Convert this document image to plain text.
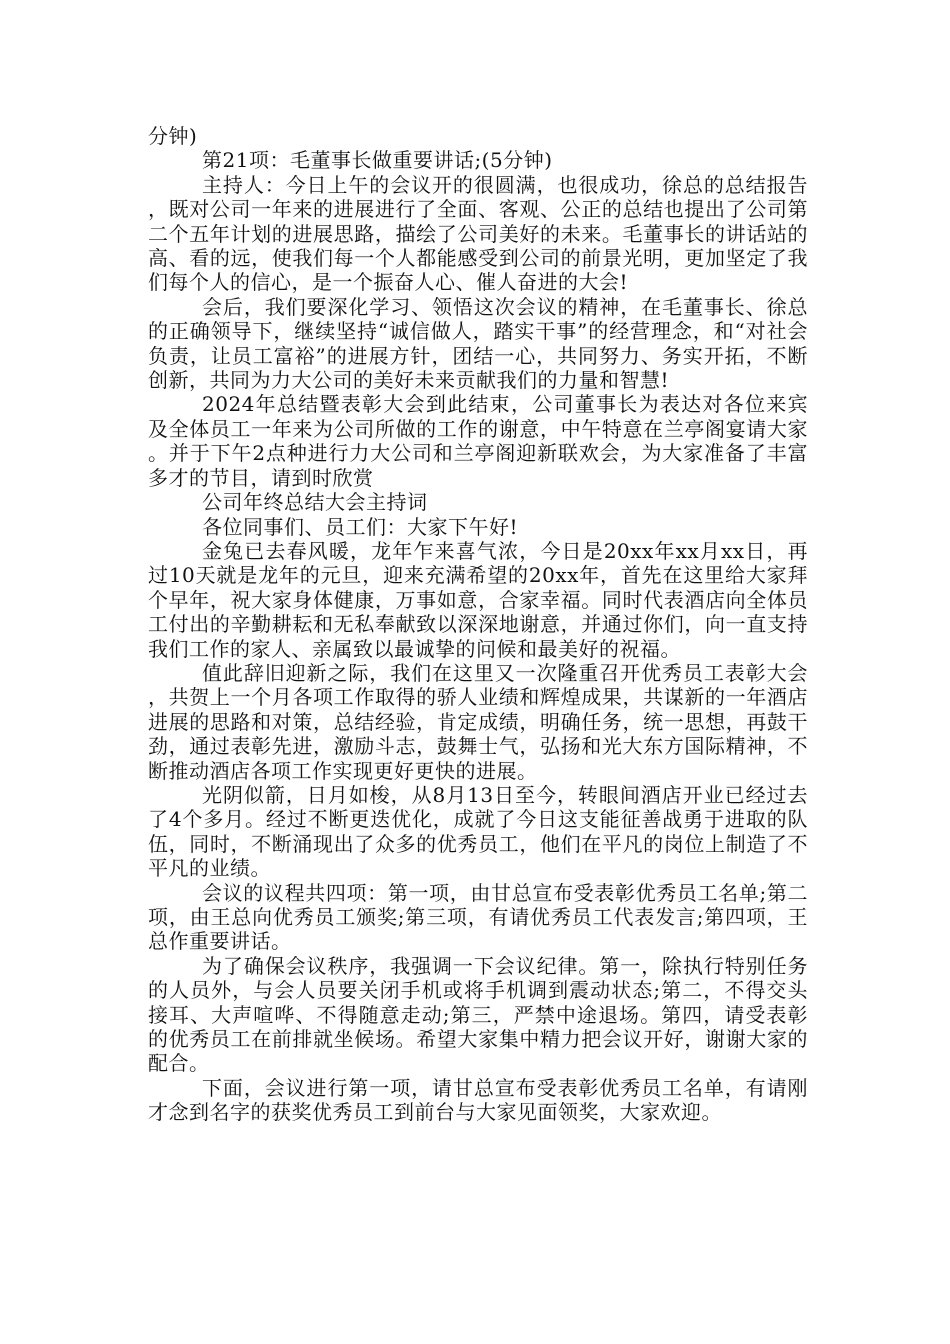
分钟)

第21项：毛董事长做重要讲话;(5分钟)

主持人：今日上午的会议开的很圆满，也很成功，徐总的总结报告，既对公司一年来的进展进行了全面、客观、公正的总结也提出了公司第二个五年计划的进展思路，描绘了公司美好的未来。毛董事长的讲话站的高、看的远，使我们每一个人都能感受到公司的前景光明，更加坚定了我们每个人的信心，是一个振奋人心、催人奋进的大会!

会后，我们要深化学习、领悟这次会议的精神，在毛董事长、徐总的正确领导下，继续坚持“诚信做人，踏实干事”的经营理念，和“对社会负责，让员工富裕”的进展方针，团结一心，共同努力、务实开拓，不断创新，共同为力大公司的美好未来贡献我们的力量和智慧!

2024年总结暨表彰大会到此结束，公司董事长为表达对各位来宾及全体员工一年来为公司所做的工作的谢意，中午特意在兰亭阁宴请大家。并于下午2点种进行力大公司和兰亭阁迎新联欢会，为大家准备了丰富多才的节目，请到时欣赏

公司年终总结大会主持词

各位同事们、员工们：大家下午好!

金兔已去春风暖，龙年乍来喜气浓，今日是20xx年xx月xx日，再过10天就是龙年的元旦，迎来充满希望的20xx年，首先在这里给大家拜个早年，祝大家身体健康，万事如意，合家幸福。同时代表酒店向全体员工付出的辛勤耕耘和无私奉献致以深深地谢意，并通过你们，向一直支持我们工作的家人、亲属致以最诚挚的问候和最美好的祝福。

值此辞旧迎新之际，我们在这里又一次隆重召开优秀员工表彰大会，共贺上一个月各项工作取得的骄人业绩和辉煌成果，共谋新的一年酒店进展的思路和对策，总结经验，肯定成绩，明确任务，统一思想，再鼓干劲，通过表彰先进，激励斗志，鼓舞士气，弘扬和光大东方国际精神，不断推动酒店各项工作实现更好更快的进展。

光阴似箭，日月如梭，从8月13日至今，转眼间酒店开业已经过去了4个多月。经过不断更迭优化，成就了今日这支能征善战勇于进取的队伍，同时，不断涌现出了众多的优秀员工，他们在平凡的岗位上制造了不平凡的业绩。

会议的议程共四项：第一项，由甘总宣布受表彰优秀员工名单;第二项，由王总向优秀员工颁奖;第三项，有请优秀员工代表发言;第四项，王总作重要讲话。

为了确保会议秩序，我强调一下会议纪律。第一，除执行特别任务的人员外，与会人员要关闭手机或将手机调到震动状态;第二，不得交头接耳、大声喧哗、不得随意走动;第三，严禁中途退场。第四，请受表彰的优秀员工在前排就坐候场。希望大家集中精力把会议开好，谢谢大家的配合。

下面，会议进行第一项，请甘总宣布受表彰优秀员工名单，有请刚才念到名字的获奖优秀员工到前台与大家见面领奖，大家欢迎。
